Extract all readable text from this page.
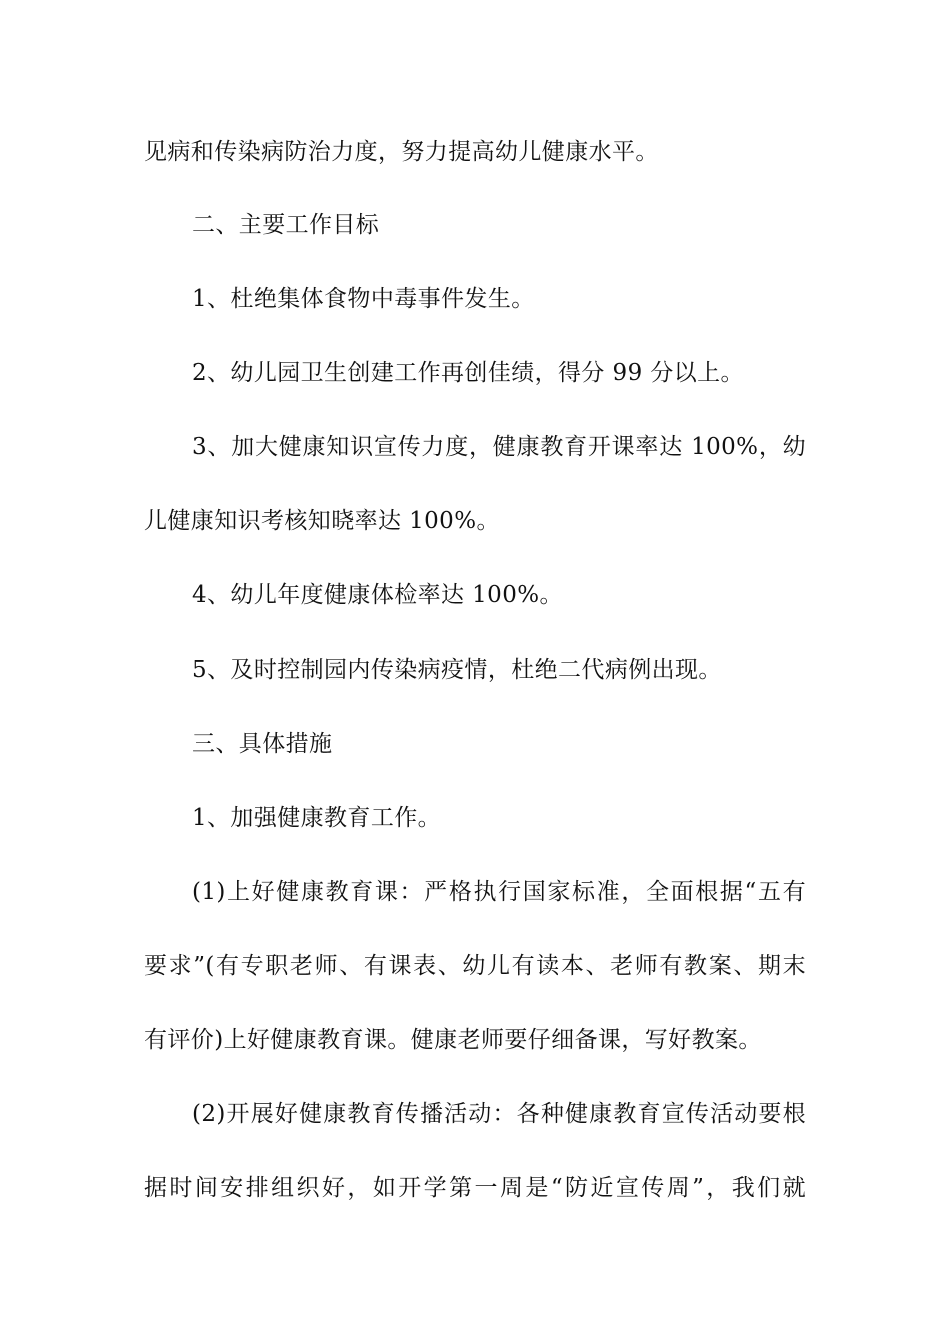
见病和传染病防治力度，努力提高幼儿健康水平。
二、主要工作目标
1、杜绝集体食物中毒事件发生。
2、幼儿园卫生创建工作再创佳绩，得分 99 分以上。
3、加大健康知识宣传力度，健康教育开课率达 100%，幼
儿健康知识考核知晓率达 100%。
4、幼儿年度健康体检率达 100%。
5、及时控制园内传染病疫情，杜绝二代病例出现。
三、具体措施
1、加强健康教育工作。
(1)上好健康教育课：严格执行国家标准，全面根据“五有
要求”(有专职老师、有课表、幼儿有读本、老师有教案、期末
有评价)上好健康教育课。健康老师要仔细备课，写好教案。
(2)开展好健康教育传播活动：各种健康教育宣传活动要根
据时间安排组织好，如开学第一周是“防近宣传周”，我们就
